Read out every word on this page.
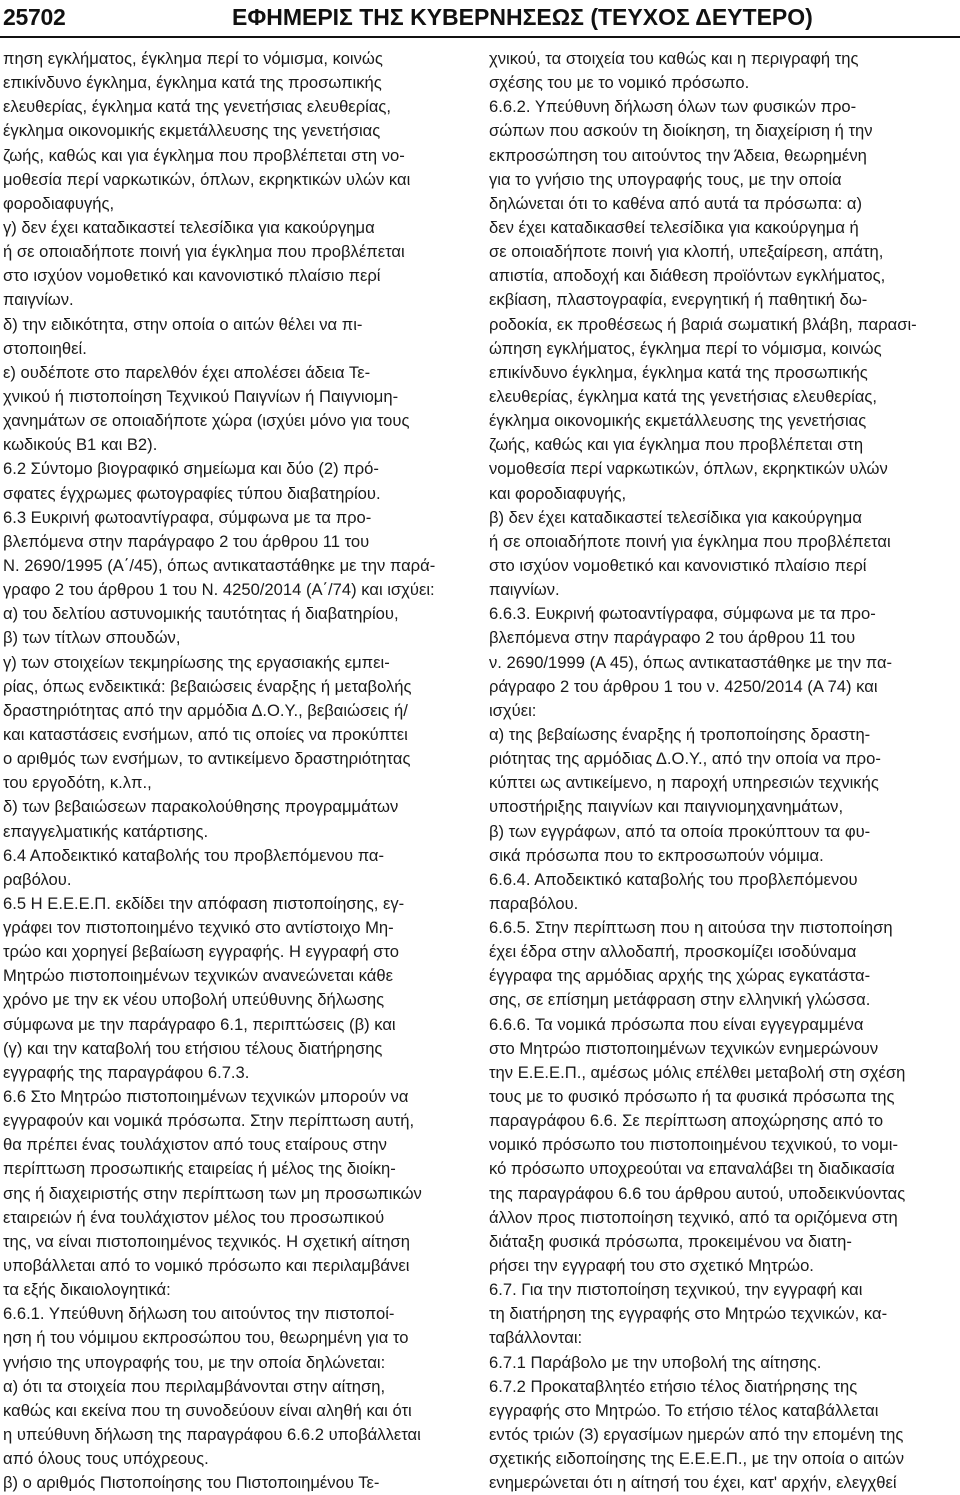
25702	ΕΦΗΜΕΡΙΣ ΤΗΣ ΚΥΒΕΡΝΗΣΕΩΣ (ΤΕΥΧΟΣ ΔΕΥΤΕΡΟ)
πηση εγκλήματος, έγκλημα περί το νόμισμα, κοινώς
επικίνδυνο έγκλημα, έγκλημα κατά της προσωπικής
ελευθερίας, έγκλημα κατά της γενετήσιας ελευθερίας,
έγκλημα οικονομικής εκμετάλλευσης της γενετήσιας
ζωής, καθώς και για έγκλημα που προβλέπεται στη νο-
μοθεσία περί ναρκωτικών, όπλων, εκρηκτικών υλών και
φοροδιαφυγής,
γ) δεν έχει καταδικαστεί τελεσίδικα για κακούργημα
ή σε οποιαδήποτε ποινή για έγκλημα που προβλέπεται
στο ισχύον νομοθετικό και κανονιστικό πλαίσιο περί
παιγνίων.
δ) την ειδικότητα, στην οποία ο αιτών θέλει να πι-
στοποιηθεί.
ε) ουδέποτε στο παρελθόν έχει απολέσει άδεια Τε-
χνικού ή πιστοποίηση Τεχνικού Παιγνίων ή Παιγνιομη-
χανημάτων σε οποιαδήποτε χώρα (ισχύει μόνο για τους
κωδικούς Β1 και Β2).
6.2 Σύντομο βιογραφικό σημείωμα και δύο (2) πρό-
σφατες έγχρωμες φωτογραφίες τύπου διαβατηρίου.
6.3 Ευκρινή φωτοαντίγραφα, σύμφωνα με τα προ-
βλεπόμενα στην παράγραφο 2 του άρθρου 11 του
Ν. 2690/1995 (Α΄/45), όπως αντικαταστάθηκε με την παρά-
γραφο 2 του άρθρου 1 του Ν. 4250/2014 (Α΄/74) και ισχύει:
α) του δελτίου αστυνομικής ταυτότητας ή διαβατηρίου,
β) των τίτλων σπουδών,
γ) των στοιχείων τεκμηρίωσης της εργασιακής εμπει-
ρίας, όπως ενδεικτικά: βεβαιώσεις έναρξης ή μεταβολής
δραστηριότητας από την αρμόδια Δ.Ο.Υ., βεβαιώσεις ή/
και καταστάσεις ενσήμων, από τις οποίες να προκύπτει
ο αριθμός των ενσήμων, το αντικείμενο δραστηριότητας
του εργοδότη, κ.λπ.,
δ) των βεβαιώσεων παρακολούθησης προγραμμάτων
επαγγελματικής κατάρτισης.
6.4 Αποδεικτικό καταβολής του προβλεπόμενου πα-
ραβόλου.
6.5 Η Ε.Ε.Ε.Π. εκδίδει την απόφαση πιστοποίησης, εγ-
γράφει τον πιστοποιημένο τεχνικό στο αντίστοιχο Μη-
τρώο και χορηγεί βεβαίωση εγγραφής. Η εγγραφή στο
Μητρώο πιστοποιημένων τεχνικών ανανεώνεται κάθε
χρόνο με την εκ νέου υποβολή υπεύθυνης δήλωσης
σύμφωνα με την παράγραφο 6.1, περιπτώσεις (β) και
(γ) και την καταβολή του ετήσιου τέλους διατήρησης
εγγραφής της παραγράφου 6.7.3.
6.6 Στο Μητρώο πιστοποιημένων τεχνικών μπορούν να
εγγραφούν και νομικά πρόσωπα. Στην περίπτωση αυτή,
θα πρέπει ένας τουλάχιστον από τους εταίρους στην
περίπτωση προσωπικής εταιρείας ή μέλος της διοίκη-
σης ή διαχειριστής στην περίπτωση των μη προσωπικών
εταιρειών ή ένα τουλάχιστον μέλος του προσωπικού
της, να είναι πιστοποιημένος τεχνικός. Η σχετική αίτηση
υποβάλλεται από το νομικό πρόσωπο και περιλαμβάνει
τα εξής δικαιολογητικά:
6.6.1. Υπεύθυνη δήλωση του αιτούντος την πιστοποί-
ηση ή του νόμιμου εκπροσώπου του, θεωρημένη για το
γνήσιο της υπογραφής του, με την οποία δηλώνεται:
α) ότι τα στοιχεία που περιλαμβάνονται στην αίτηση,
καθώς και εκείνα που τη συνοδεύουν είναι αληθή και ότι
η υπεύθυνη δήλωση της παραγράφου 6.6.2 υποβάλλεται
από όλους τους υπόχρεους.
β) ο αριθμός Πιστοποίησης του Πιστοποιημένου Τε-
χνικού, τα στοιχεία του καθώς και η περιγραφή της
σχέσης του με το νομικό πρόσωπο.
6.6.2. Υπεύθυνη δήλωση όλων των φυσικών προ-
σώπων που ασκούν τη διοίκηση, τη διαχείριση ή την
εκπροσώπηση του αιτούντος την Άδεια, θεωρημένη
για το γνήσιο της υπογραφής τους, με την οποία
δηλώνεται ότι το καθένα από αυτά τα πρόσωπα: α)
δεν έχει καταδικασθεί τελεσίδικα για κακούργημα ή
σε οποιαδήποτε ποινή για κλοπή, υπεξαίρεση, απάτη,
απιστία, αποδοχή και διάθεση προϊόντων εγκλήματος,
εκβίαση, πλαστογραφία, ενεργητική ή παθητική δω-
ροδοκία, εκ προθέσεως ή βαριά σωματική βλάβη, παρασι-
ώπηση εγκλήματος, έγκλημα περί το νόμισμα, κοινώς
επικίνδυνο έγκλημα, έγκλημα κατά της προσωπικής
ελευθερίας, έγκλημα κατά της γενετήσιας ελευθερίας,
έγκλημα οικονομικής εκμετάλλευσης της γενετήσιας
ζωής, καθώς και για έγκλημα που προβλέπεται στη
νομοθεσία περί ναρκωτικών, όπλων, εκρηκτικών υλών
και φοροδιαφυγής,
β) δεν έχει καταδικαστεί τελεσίδικα για κακούργημα
ή σε οποιαδήποτε ποινή για έγκλημα που προβλέπεται
στο ισχύον νομοθετικό και κανονιστικό πλαίσιο περί
παιγνίων.
6.6.3. Ευκρινή φωτοαντίγραφα, σύμφωνα με τα προ-
βλεπόμενα στην παράγραφο 2 του άρθρου 11 του
ν. 2690/1999 (Α 45), όπως αντικαταστάθηκε με την πα-
ράγραφο 2 του άρθρου 1 του ν. 4250/2014 (Α 74) και
ισχύει:
α) της βεβαίωσης έναρξης ή τροποποίησης δραστη-
ριότητας της αρμόδιας Δ.Ο.Υ., από την οποία να προ-
κύπτει ως αντικείμενο, η παροχή υπηρεσιών τεχνικής
υποστήριξης παιγνίων και παιγνιομηχανημάτων,
β) των εγγράφων, από τα οποία προκύπτουν τα φυ-
σικά πρόσωπα που το εκπροσωπούν νόμιμα.
6.6.4. Αποδεικτικό καταβολής του προβλεπόμενου
παραβόλου.
6.6.5. Στην περίπτωση που η αιτούσα την πιστοποίηση
έχει έδρα στην αλλοδαπή, προσκομίζει ισοδύναμα
έγγραφα της αρμόδιας αρχής της χώρας εγκατάστα-
σης, σε επίσημη μετάφραση στην ελληνική γλώσσα.
6.6.6. Τα νομικά πρόσωπα που είναι εγγεγραμμένα
στο Μητρώο πιστοποιημένων τεχνικών ενημερώνουν
την Ε.Ε.Ε.Π., αμέσως μόλις επέλθει μεταβολή στη σχέση
τους με το φυσικό πρόσωπο ή τα φυσικά πρόσωπα της
παραγράφου 6.6. Σε περίπτωση αποχώρησης από το
νομικό πρόσωπο του πιστοποιημένου τεχνικού, το νομι-
κό πρόσωπο υποχρεούται να επαναλάβει τη διαδικασία
της παραγράφου 6.6 του άρθρου αυτού, υποδεικνύοντας
άλλον προς πιστοποίηση τεχνικό, από τα οριζόμενα στη
διάταξη φυσικά πρόσωπα, προκειμένου να διατη-
ρήσει την εγγραφή του στο σχετικό Μητρώο.
6.7. Για την πιστοποίηση τεχνικού, την εγγραφή και
τη διατήρηση της εγγραφής στο Μητρώο τεχνικών, κα-
ταβάλλονται:
6.7.1 Παράβολο με την υποβολή της αίτησης.
6.7.2 Προκαταβλητέο ετήσιο τέλος διατήρησης της
εγγραφής στο Μητρώο. Το ετήσιο τέλος καταβάλλεται
εντός τριών (3) εργασίμων ημερών από την επομένη της
σχετικής ειδοποίησης της Ε.Ε.Ε.Π., με την οποία ο αιτών
ενημερώνεται ότι η αίτησή του έχει, κατ' αρχήν, ελεγχθεί
